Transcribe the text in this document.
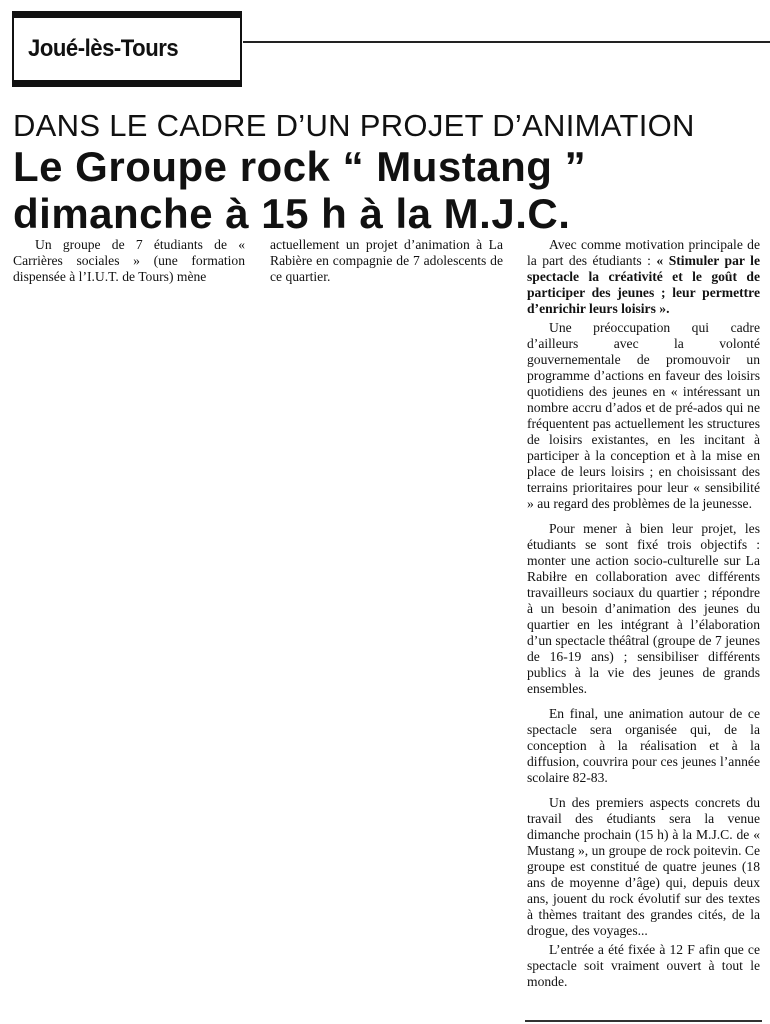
Joué-lès-Tours
DANS LE CADRE D’UN PROJET D’ANIMATION
Le Groupe rock “ Mustang ”
dimanche à 15 h à la M.J.C.

Un groupe de 7 étudiants de « Carrières sociales » (une formation dispensée à l’I.U.T. de Tours) mène

actuellement un projet d’animation à La Rabière en compagnie de 7 adolescents de ce quartier.

Avec comme motivation principale de la part des étudiants : « Stimuler par le spectacle la créativité et le goût de participer des jeunes ; leur permettre d’enrichir leurs loisirs ».

Une préoccupation qui cadre d’ailleurs avec la volonté gouvernementale de promouvoir un programme d’actions en faveur des loisirs quotidiens des jeunes en « intéressant un nombre accru d’ados et de pré-ados qui ne fréquentent pas actuellement les structures de loisirs existantes, en les incitant à participer à la conception et à la mise en place de leurs loisirs ; en choisissant des terrains prioritaires pour leur « sensibilité » au regard des problèmes de la jeunesse.

Pour mener à bien leur projet, les étudiants se sont fixé trois objectifs : monter une action socio-culturelle sur La Rabiłre en collaboration avec différents travailleurs sociaux du quartier ; répondre à un besoin d’animation des jeunes du quartier en les intégrant à l’élaboration d’un spectacle théâtral (groupe de 7 jeunes de 16-19 ans) ; sensibiliser différents publics à la vie des jeunes de grands ensembles.

En final, une animation autour de ce spectacle sera organisée qui, de la conception à la réalisation et à la diffusion, couvrira pour ces jeunes l’année scolaire 82-83.

Un des premiers aspects concrets du travail des étudiants sera la venue dimanche prochain (15 h) à la M.J.C. de « Mustang », un groupe de rock poitevin. Ce groupe est constitué de quatre jeunes (18 ans de moyenne d’âge) qui, depuis deux ans, jouent du rock évolutif sur des textes à thèmes traitant des grandes cités, de la drogue, des voyages...

L’entrée a été fixée à 12 F afin que ce spectacle soit vraiment ouvert à tout le monde.
